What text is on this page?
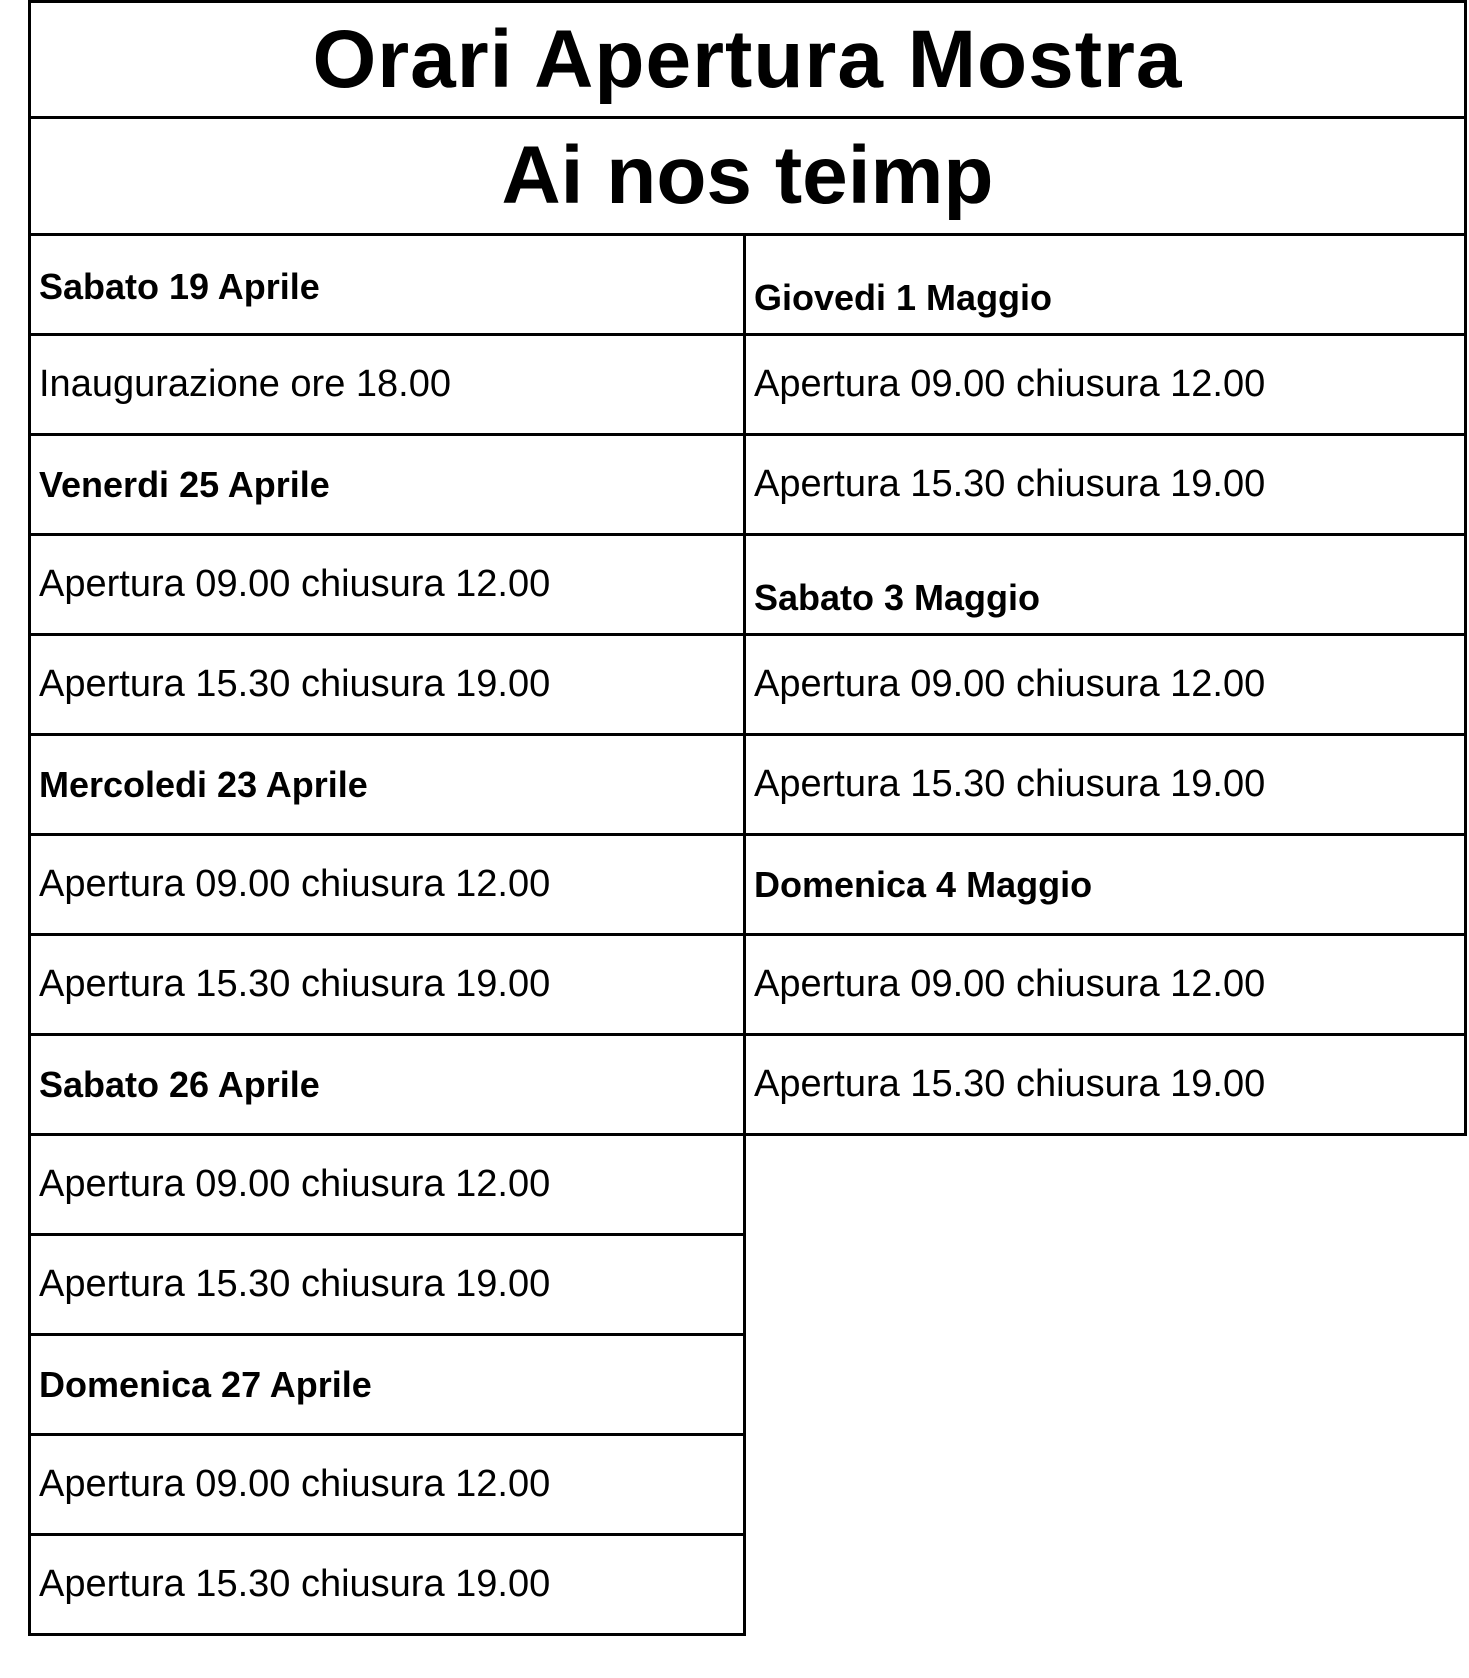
Orari Apertura Mostra
Ai nos teimp
Sabato 19 Aprile
Inaugurazione ore 18.00
Venerdi 25 Aprile
Apertura 09.00 chiusura 12.00
Apertura 15.30 chiusura 19.00
Mercoledi 23 Aprile
Apertura 09.00 chiusura 12.00
Apertura 15.30 chiusura 19.00
Sabato 26 Aprile
Apertura 09.00 chiusura 12.00
Apertura 15.30 chiusura 19.00
Domenica 27 Aprile
Apertura 09.00 chiusura 12.00
Apertura 15.30 chiusura 19.00
Giovedi 1 Maggio
Apertura 09.00 chiusura 12.00
Apertura 15.30 chiusura 19.00
Sabato 3 Maggio
Apertura 09.00 chiusura 12.00
Apertura 15.30 chiusura 19.00
Domenica 4 Maggio
Apertura 09.00 chiusura 12.00
Apertura 15.30 chiusura 19.00
